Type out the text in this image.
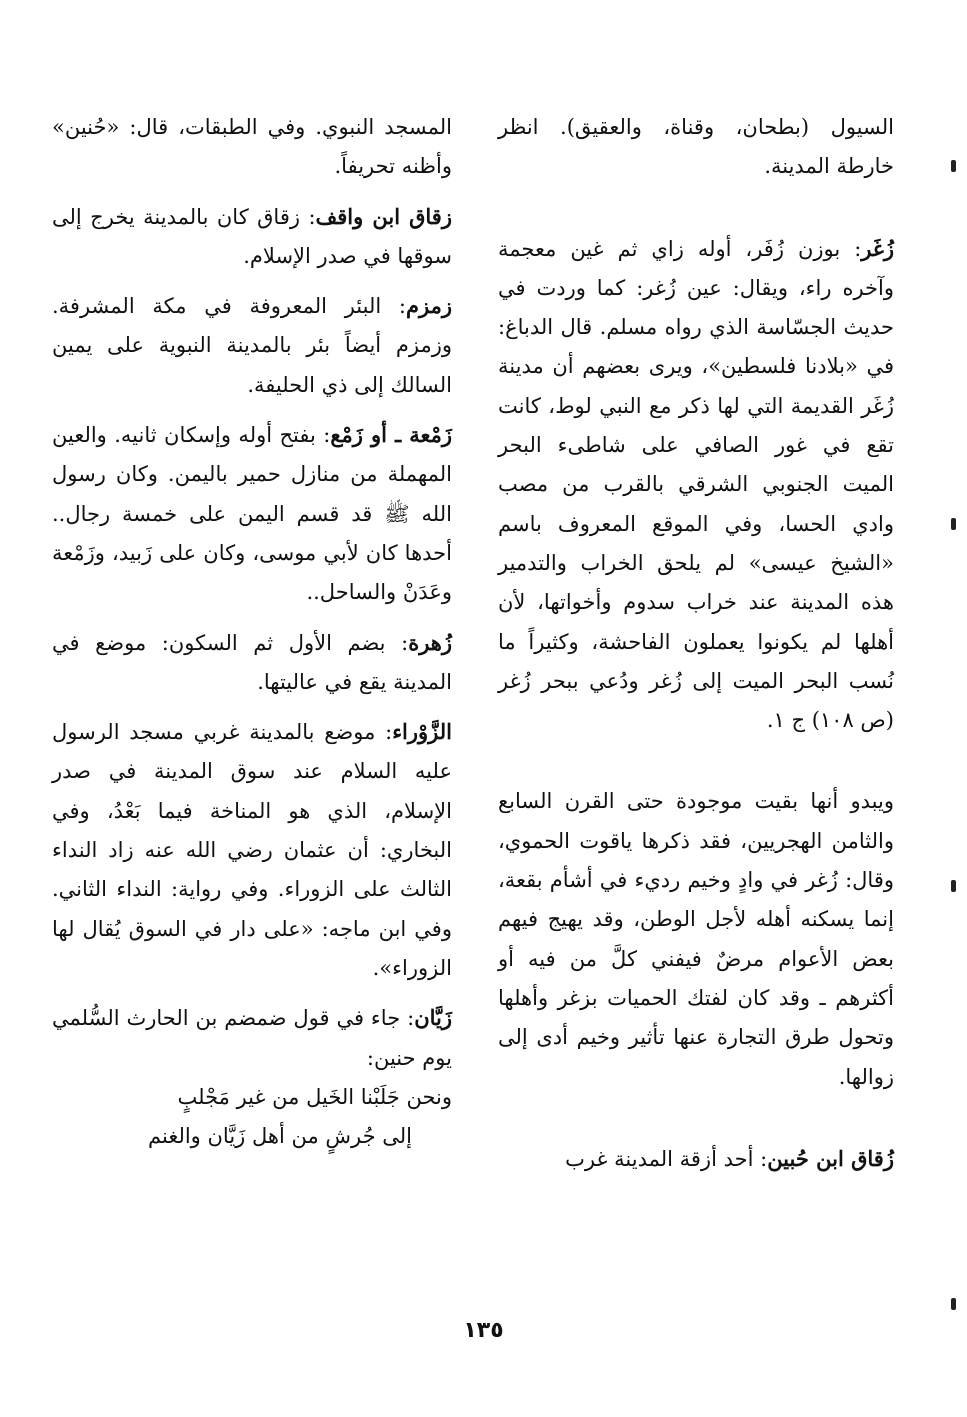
السيول (بطحان، وقناة، والعقيق). انظر خارطة المدينة.

زُغَر: بوزن زُفَر، أوله زاي ثم غين معجمة وآخره راء، ويقال: عين زُغر: كما وردت في حديث الجسّاسة الذي رواه مسلم. قال الدباغ: في «بلادنا فلسطين»، ويرى بعضهم أن مدينة زُغَر القديمة التي لها ذكر مع النبي لوط، كانت تقع في غور الصافي على شاطىء البحر الميت الجنوبي الشرقي بالقرب من مصب وادي الحسا، وفي الموقع المعروف باسم «الشيخ عيسى» لم يلحق الخراب والتدمير هذه المدينة عند خراب سدوم وأخواتها، لأن أهلها لم يكونوا يعملون الفاحشة، وكثيراً ما نُسب البحر الميت إلى زُغر ودُعي ببحر زُغر (ص ١٠٨) ج ١.

ويبدو أنها بقيت موجودة حتى القرن السابع والثامن الهجريين، فقد ذكرها ياقوت الحموي، وقال: زُغر في وادٍ وخيم رديء في أشأم بقعة، إنما يسكنه أهله لأجل الوطن، وقد يهيج فيهم بعض الأعوام مرضٌ فيفني كلَّ من فيه أو أكثرهم ـ وقد كان لفتك الحميات بزغر وأهلها وتحول طرق التجارة عنها تأثير وخيم أدى إلى زوالها.

زُقاق ابن حُبين: أحد أزقة المدينة غرب

المسجد النبوي. وفي الطبقات، قال: «حُنين» وأظنه تحريفاً.

زقاق ابن واقف: زقاق كان بالمدينة يخرج إلى سوقها في صدر الإسلام.

زمزم: البئر المعروفة في مكة المشرفة. وزمزم أيضاً بئر بالمدينة النبوية على يمين السالك إلى ذي الحليفة.

زَمْعة ـ أو زَمْع: بفتح أوله وإسكان ثانيه. والعين المهملة من منازل حمير باليمن. وكان رسول الله ﷺ قد قسم اليمن على خمسة رجال.. أحدها كان لأبي موسى، وكان على زَبيد، وزَمْعة وعَدَنْ والساحل..

زُهرة: بضم الأول ثم السكون: موضع في المدينة يقع في عاليتها.

الزَّوْراء: موضع بالمدينة غربي مسجد الرسول عليه السلام عند سوق المدينة في صدر الإسلام، الذي هو المناخة فيما بَعْدُ، وفي البخاري: أن عثمان رضي الله عنه زاد النداء الثالث على الزوراء. وفي رواية: النداء الثاني. وفي ابن ماجه: «على دار في السوق يُقال لها الزوراء».

زَيَّان: جاء في قول ضمضم بن الحارث السُّلمي يوم حنين:

ونحن جَلَبْنا الخَيل من غير مَجْلبٍ

إلى جُرشٍ من أهل زَيَّان والغنم

١٣٥
